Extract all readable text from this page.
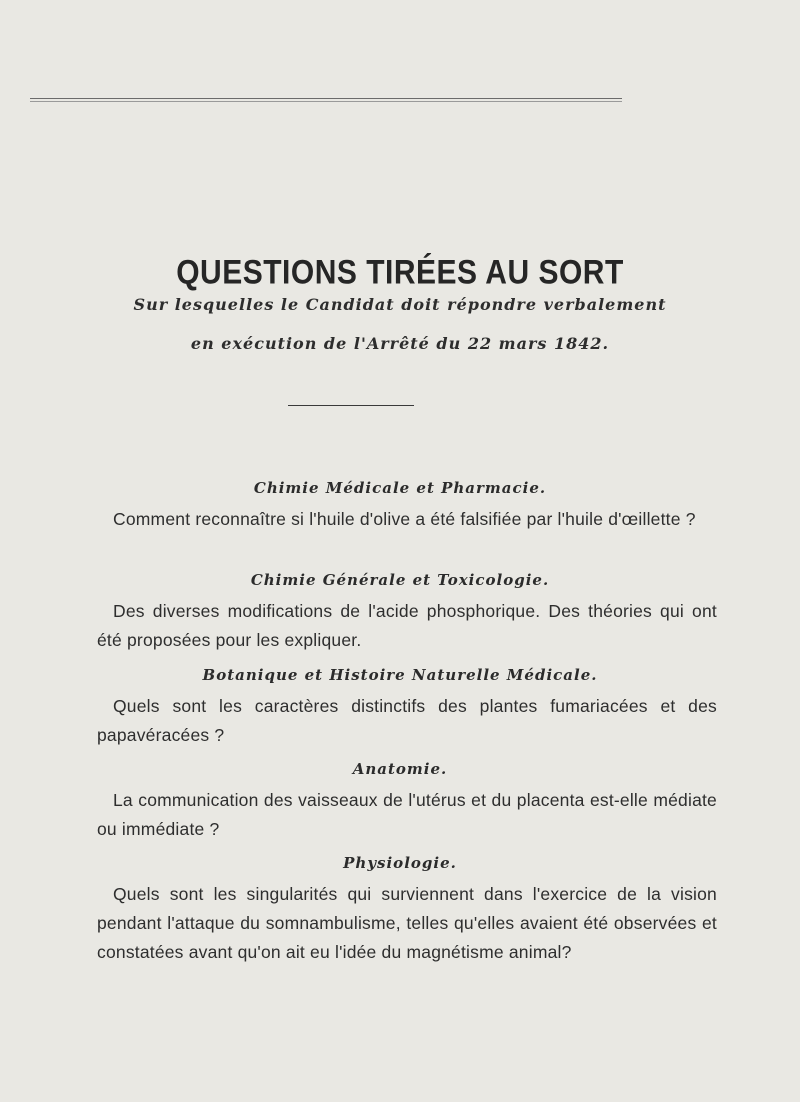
QUESTIONS TIRÉES AU SORT
Sur lesquelles le Candidat doit répondre verbalement
en exécution de l'Arrêté du 22 mars 1842.
Chimie Médicale et Pharmacie.
Comment reconnaître si l'huile d'olive a été falsifiée par l'huile d'œillette ?
Chimie Générale et Toxicologie.
Des diverses modifications de l'acide phosphorique. Des théories qui ont été proposées pour les expliquer.
Botanique et Histoire Naturelle Médicale.
Quels sont les caractères distinctifs des plantes fumariacées et des papavéracées ?
Anatomie.
La communication des vaisseaux de l'utérus et du placenta est-elle médiate ou immédiate ?
Physiologie.
Quels sont les singularités qui surviennent dans l'exercice de la vision pendant l'attaque du somnambulisme, telles qu'elles avaient été observées et constatées avant qu'on ait eu l'idée du magnétisme animal?
